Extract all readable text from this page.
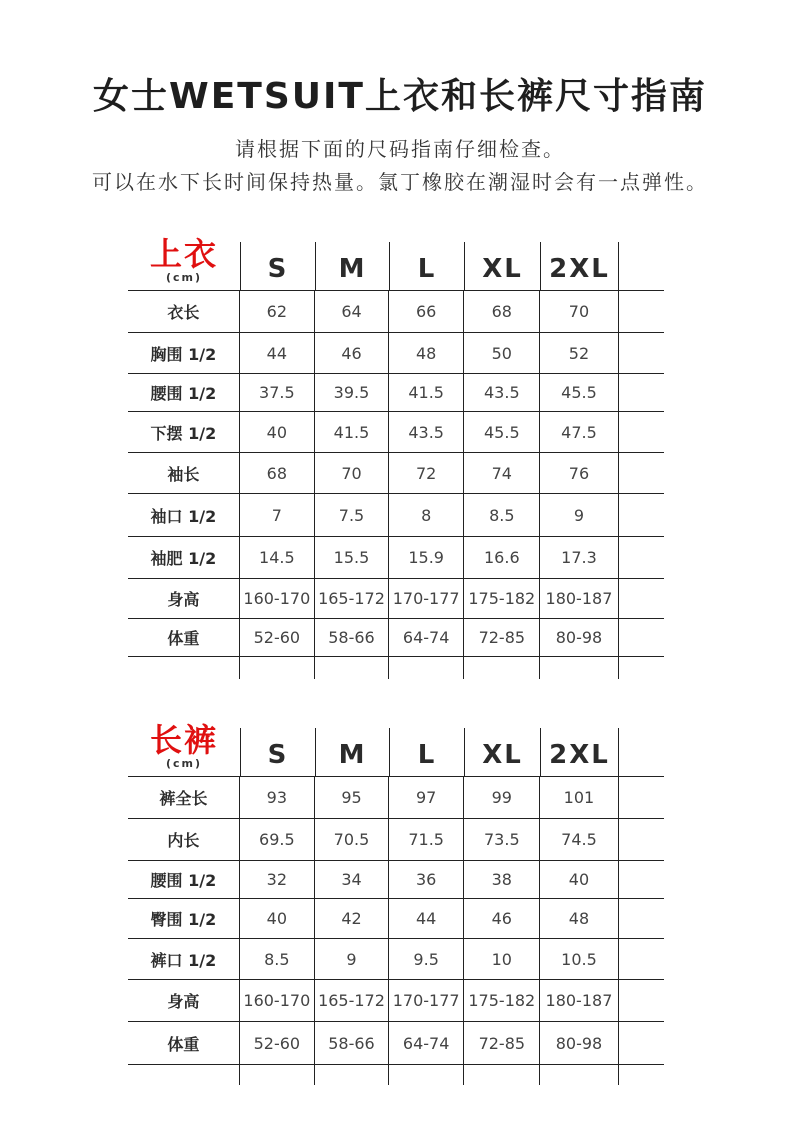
女士WETSUIT上衣和长裤尺寸指南
请根据下面的尺码指南仔细检查。
可以在水下长时间保持热量。氯丁橡胶在潮湿时会有一点弹性。
上衣
(cm)	S	M	L	XL	2XL
衣长	62	64	66	68	70
胸围 1/2	44	46	48	50	52
腰围 1/2	37.5	39.5	41.5	43.5	45.5
下摆 1/2	40	41.5	43.5	45.5	47.5
袖长	68	70	72	74	76
袖口 1/2	7	7.5	8	8.5	9
袖肥 1/2	14.5	15.5	15.9	16.6	17.3
身高	160-170 165-172 170-177 175-182 180-187
体重	52-60	58-66	64-74	72-85	80-98
长裤
(cm)	S	M	L	XL	2XL
裤全长	93	95	97	99	101
内长	69.5	70.5	71.5	73.5	74.5
腰围 1/2	32	34	36	38	40
臀围 1/2	40	42	44	46	48
裤口 1/2	8.5	9	9.5	10	10.5
身高	160-170 165-172 170-177 175-182 180-187
体重	52-60	58-66	64-74	72-85	80-98
